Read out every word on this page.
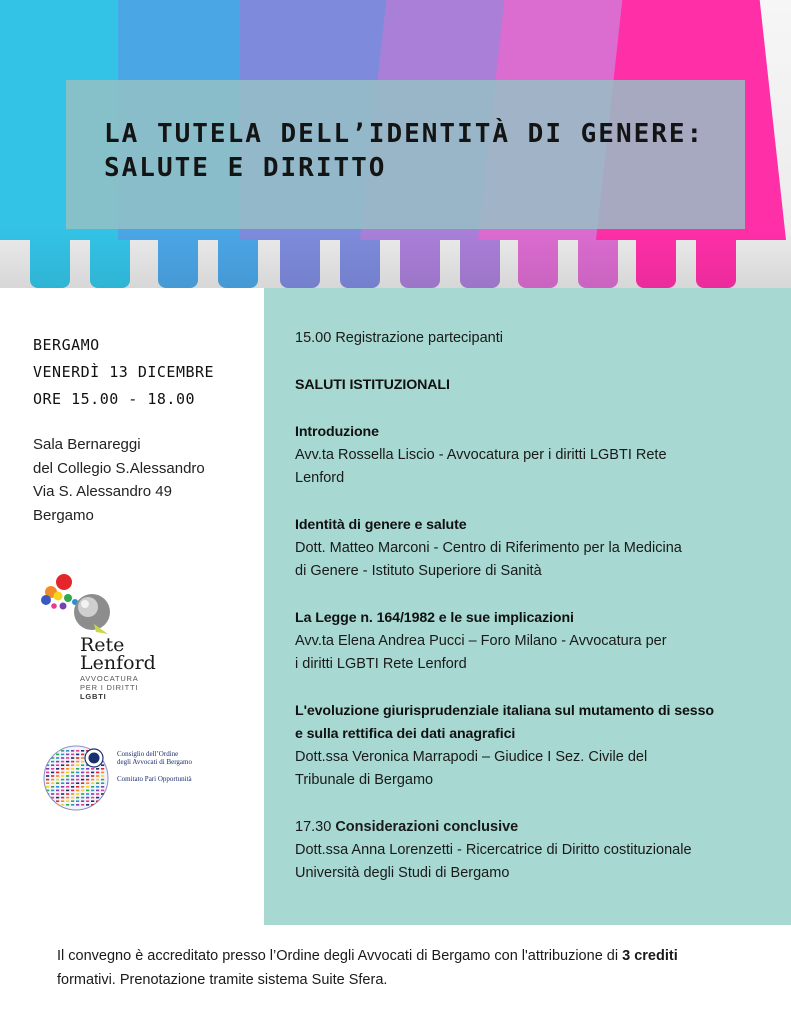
LA TUTELA DELL’IDENTITÀ DI GENERE:
SALUTE E DIRITTO
BERGAMO
VENERDÌ 13 DICEMBRE
ORE 15.00 - 18.00
Sala Bernareggi
del Collegio S.Alessandro
Via S. Alessandro 49
Bergamo
Rete
Lenford
AVVOCATURA
PER I DIRITTI
LGBTI
Consiglio dell’Ordine
degli Avvocati di Bergamo
Comitato Pari Opportunità
15.00 Registrazione partecipanti
SALUTI ISTITUZIONALI
Introduzione
Avv.ta Rossella Liscio - Avvocatura per i diritti LGBTI Rete
Lenford
Identità di genere e salute
Dott. Matteo Marconi - Centro di Riferimento per la Medicina
di Genere - Istituto Superiore di Sanità
La Legge n. 164/1982 e le sue implicazioni
Avv.ta Elena Andrea Pucci – Foro Milano - Avvocatura per
i diritti LGBTI Rete Lenford
L'evoluzione giurisprudenziale italiana sul mutamento di sesso
e sulla rettifica dei dati anagrafici
Dott.ssa Veronica Marrapodi – Giudice I Sez. Civile del
Tribunale di Bergamo
17.30 Considerazioni conclusive
Dott.ssa Anna Lorenzetti - Ricercatrice di Diritto costituzionale
Università degli Studi di Bergamo
Il convegno è accreditato presso l’Ordine degli Avvocati di Bergamo con l'attribuzione di 3 crediti
formativi. Prenotazione tramite sistema Suite Sfera.
